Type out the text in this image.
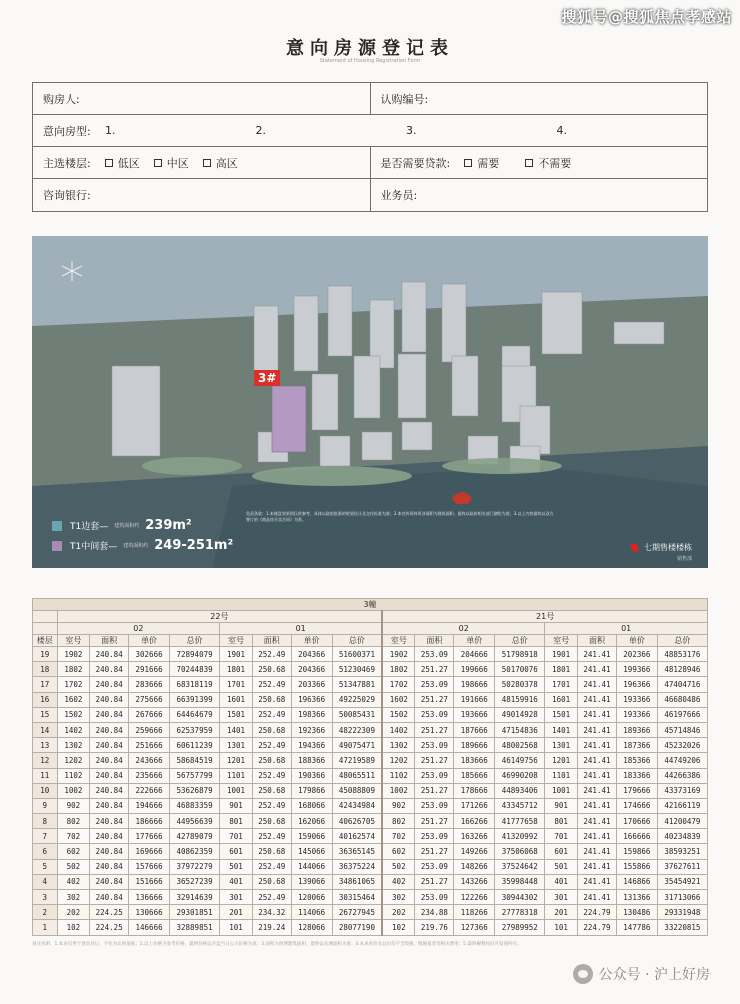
搜狐号@搜狐焦点孝感站
意向房源登记表
Statement of Housing Registration Form
购房人:	认购编号:
意向房型:	1.	2.	3.	4.
主选楼层: 低区 中区 高区	是否需要贷款: 需要	不需要
咨询银行:	业务员:
3#
T1边套— 建筑面积约 239m²
T1中间套— 建筑面积约 249-251m²
免责条款：1.本楼盘效果图仅供参考，具体以政府批准的规划设计及交付标准为准；2.本宣传资料所涉面积为建筑面积，最终以政府相关部门测绘为准；3.以上内容最终以双方签订的《商品房买卖合同》为准。
七期售楼楼栋
销售部
3幢																
	22号								21号							
	02				01				02				01			
楼层	室号	面积	单价	总价	室号	面积	单价	总价	室号	面积	单价	总价	室号	面积	单价	总价
19	1902	240.84	302666	72894079	1901	252.49	204366	51600371	1902	253.09	204666	51798918	1901	241.41	202366	48853176
18	1802	240.84	291666	70244839	1801	250.68	204366	51230469	1802	251.27	199666	50170076	1801	241.41	199366	48128946
17	1702	240.84	283666	68318119	1701	252.49	203366	51347881	1702	253.09	198666	50280378	1701	241.41	196366	47404716
16	1602	240.84	275666	66391399	1601	250.68	196366	49225029	1602	251.27	191666	48159916	1601	241.41	193366	46680486
15	1502	240.84	267666	64464679	1501	252.49	198366	50085431	1502	253.09	193666	49014928	1501	241.41	193366	46197666
14	1402	240.84	259666	62537959	1401	250.68	192366	48222309	1402	251.27	187666	47154836	1401	241.41	189366	45714846
13	1302	240.84	251666	60611239	1301	252.49	194366	49075471	1302	253.09	189666	48002568	1301	241.41	187366	45232026
12	1202	240.84	243666	58684519	1201	250.68	188366	47219589	1202	251.27	183666	46149756	1201	241.41	185366	44749206
11	1102	240.84	235666	56757799	1101	252.49	190366	48065511	1102	253.09	185666	46990208	1101	241.41	183366	44266386
10	1002	240.84	222666	53626879	1001	250.68	179866	45088809	1002	251.27	178666	44893406	1001	241.41	179666	43373169
9	902	240.84	194666	46883359	901	252.49	168066	42434984	902	253.09	171266	43345712	901	241.41	174666	42166119
8	802	240.84	186666	44956639	801	250.68	162066	40626705	802	251.27	166266	41777658	801	241.41	170666	41200479
7	702	240.84	177666	42789079	701	252.49	159066	40162574	702	253.09	163266	41320992	701	241.41	166666	40234839
6	602	240.84	169666	40862359	601	250.68	145066	36365145	602	251.27	149266	37506068	601	241.41	159866	38593251
5	502	240.84	157666	37972279	501	252.49	144066	36375224	502	253.09	148266	37524642	501	241.41	155866	37627611
4	402	240.84	151666	36527239	401	250.68	139066	34861065	402	251.27	143266	35998448	401	241.41	146866	35454921
3	302	240.84	136666	32914639	301	252.49	120066	30315464	302	253.09	122266	30944302	301	241.41	131366	31713066
2	202	224.25	130666	29301851	201	234.32	114066	26727945	202	234.88	118266	27778318	201	224.79	130486	29331948
1	102	224.25	146666	32889851	101	219.24	128066	28077190	102	219.76	127366	27989952	101	224.79	147786	33220815
备注说明：1.本表仅用于意向登记，不作为认购依据；2.以上价格为参考价格，最终价格以开盘当日公示价格为准；3.面积为预测建筑面积，最终以实测面积为准；4.本表单价及总价均不含契税、维修基金等相关费用；5.最终解释权归开发商所有。
公众号 · 沪上好房
